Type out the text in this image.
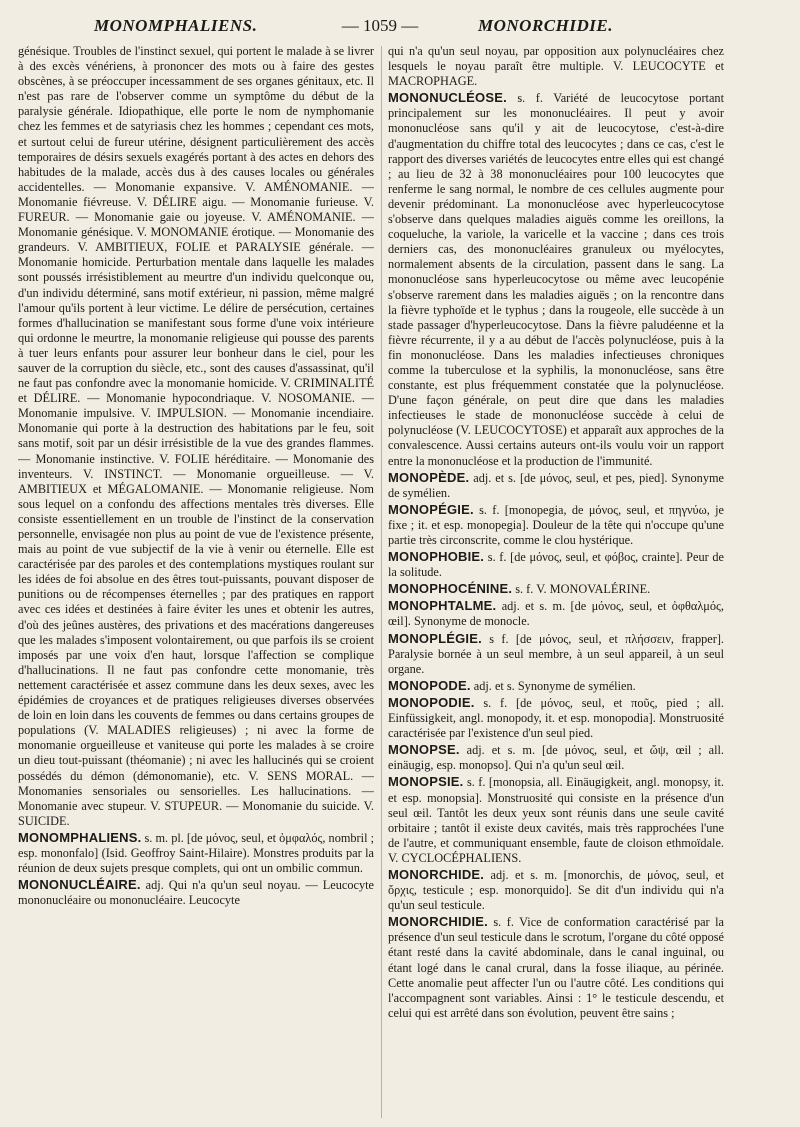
MONOMPHALIENS.	— 1059 —	MONORCHIDIE.

génésique. Troubles de l'instinct sexuel, qui portent le malade à se livrer à des excès vénériens, à prononcer des mots ou à faire des gestes obscènes, à se préoccuper incessamment de ses organes génitaux, etc. Il n'est pas rare de l'observer comme un symptôme du début de la paralysie générale. Idiopathique, elle porte le nom de nymphomanie chez les femmes et de satyriasis chez les hommes ; cependant ces mots, et surtout celui de fureur utérine, désignent particulièrement des accès temporaires de désirs sexuels exagérés portant à des actes en dehors des habitudes de la malade, accès dus à des causes locales ou générales accidentelles. — Monomanie expansive. V. AMÉNOMANIE. — Monomanie fiévreuse. V. DÉLIRE aigu. — Monomanie furieuse. V. FUREUR. — Monomanie gaie ou joyeuse. V. AMÉNOMANIE. — Monomanie génésique. V. MONOMANIE érotique. — Monomanie des grandeurs. V. AMBITIEUX, FOLIE et PARALYSIE générale. — Monomanie homicide. Perturbation mentale dans laquelle les malades sont poussés irrésistiblement au meurtre d'un individu quelconque ou, d'un individu déterminé, sans motif extérieur, ni passion, même malgré l'amour qu'ils portent à leur victime. Le délire de persécution, certaines formes d'hallucination se manifestant sous forme d'une voix intérieure qui ordonne le meurtre, la monomanie religieuse qui pousse des parents à tuer leurs enfants pour assurer leur bonheur dans le ciel, pour les sauver de la corruption du siècle, etc., sont des causes d'assassinat, qu'il ne faut pas confondre avec la monomanie homicide. V. CRIMINALITÉ et DÉLIRE. — Monomanie hypocondriaque. V. NOSOMANIE. — Monomanie impulsive. V. IMPULSION. — Monomanie incendiaire. Monomanie qui porte à la destruction des habitations par le feu, soit sans motif, soit par un désir irrésistible de la vue des grandes flammes. — Monomanie instinctive. V. FOLIE héréditaire. — Monomanie des inventeurs. V. INSTINCT. — Monomanie orgueilleuse. — V. AMBITIEUX et MÉGALOMANIE. — Monomanie religieuse. Nom sous lequel on a confondu des affections mentales très diverses. Elle consiste essentiellement en un trouble de l'instinct de la conservation personnelle, envisagée non plus au point de vue de l'existence présente, mais au point de vue subjectif de la vie à venir ou éternelle. Elle est caractérisée par des paroles et des contemplations mystiques roulant sur les idées de foi absolue en des êtres tout-puissants, pouvant disposer de punitions ou de récompenses éternelles ; par des pratiques en rapport avec ces idées et destinées à faire éviter les unes et obtenir les autres, d'où des jeûnes austères, des privations et des macérations dangereuses que les malades s'imposent volontairement, ou que parfois ils se croient imposés par une voix d'en haut, lorsque l'affection se complique d'hallucinations. Il ne faut pas confondre cette monomanie, très nettement caractérisée et assez commune dans les deux sexes, avec les épidémies de croyances et de pratiques religieuses diverses observées de loin en loin dans les couvents de femmes ou dans certains groupes de populations (V. MALADIES religieuses) ; ni avec la forme de monomanie orgueilleuse et vaniteuse qui porte les malades à se croire un dieu tout-puissant (théomanie) ; ni avec les hallucinés qui se croient possédés du démon (démonomanie), etc. V. SENS MORAL. — Monomanies sensoriales ou sensorielles. Les hallucinations. — Monomanie avec stupeur. V. STUPEUR. — Monomanie du suicide. V. SUICIDE.

MONOMPHALIENS. s. m. pl. [de μόνος, seul, et ὀμφαλός, nombril ; esp. mononfalo] (Isid. Geoffroy Saint-Hilaire). Monstres produits par la réunion de deux sujets presque complets, qui ont un ombilic commun.

MONONUCLÉAIRE. adj. Qui n'a qu'un seul noyau. — Leucocyte mononucléaire ou mononucléaire. Leucocyte

qui n'a qu'un seul noyau, par opposition aux polynucléaires chez lesquels le noyau paraît être multiple. V. LEUCOCYTE et MACROPHAGE.

MONONUCLÉOSE. s. f. Variété de leucocytose portant principalement sur les mononucléaires. Il peut y avoir mononucléose sans qu'il y ait de leucocytose, c'est-à-dire d'augmentation du chiffre total des leucocytes ; dans ce cas, c'est le rapport des diverses variétés de leucocytes entre elles qui est changé ; au lieu de 32 à 38 mononucléaires pour 100 leucocytes que renferme le sang normal, le nombre de ces cellules augmente pour devenir prédominant. La mononucléose avec hyperleucocytose s'observe dans quelques maladies aiguës comme les oreillons, la coqueluche, la variole, la varicelle et la vaccine ; dans ces trois derniers cas, des mononucléaires granuleux ou myélocytes, normalement absents de la circulation, passent dans le sang. La mononucléose sans hyperleucocytose ou même avec leucopénie s'observe rarement dans les maladies aiguës ; on la rencontre dans la fièvre typhoïde et le typhus ; dans la rougeole, elle succède à un stade passager d'hyperleucocytose. Dans la fièvre paludéenne et la fièvre récurrente, il y a au début de l'accès polynucléose, puis à la fin mononucléose. Dans les maladies infectieuses chroniques comme la tuberculose et la syphilis, la mononucléose, sans être constante, est plus fréquemment constatée que la polynucléose. D'une façon générale, on peut dire que dans les maladies infectieuses le stade de mononucléose succède à celui de polynucléose (V. LEUCOCYTOSE) et apparaît aux approches de la convalescence. Aussi certains auteurs ont-ils voulu voir un rapport entre la mononucléose et la production de l'immunité.

MONOPÈDE. adj. et s. [de μόνος, seul, et pes, pied]. Synonyme de symélien.

MONOPÉGIE. s. f. [monopegia, de μόνος, seul, et πηγνύω, je fixe ; it. et esp. monopegia]. Douleur de la tête qui n'occupe qu'une partie très circonscrite, comme le clou hystérique.

MONOPHOBIE. s. f. [de μόνος, seul, et φόβος, crainte]. Peur de la solitude.

MONOPHOCÉNINE. s. f. V. MONOVALÉRINE.

MONOPHTALME. adj. et s. m. [de μόνος, seul, et ὀφθαλμός, œil]. Synonyme de monocle.

MONOPLÉGIE. s f. [de μόνος, seul, et πλήσσειν, frapper]. Paralysie bornée à un seul membre, à un seul appareil, à un seul organe.

MONOPODE. adj. et s. Synonyme de symélien.

MONOPODIE. s. f. [de μόνος, seul, et ποῦς, pied ; all. Einfüssigkeit, angl. monopody, it. et esp. monopodia]. Monstruosité caractérisée par l'existence d'un seul pied.

MONOPSE. adj. et s. m. [de μόνος, seul, et ὤψ, œil ; all. einäugig, esp. monopso]. Qui n'a qu'un seul œil.

MONOPSIE. s. f. [monopsia, all. Einäugigkeit, angl. monopsy, it. et esp. monopsia]. Monstruosité qui consiste en la présence d'un seul œil. Tantôt les deux yeux sont réunis dans une seule cavité orbitaire ; tantôt il existe deux cavités, mais très rapprochées l'une de l'autre, et communiquant ensemble, faute de cloison ethmoïdale. V. CYCLOCÉPHALIENS.

MONORCHIDE. adj. et s. m. [monorchis, de μόνος, seul, et ὄρχις, testicule ; esp. monorquido]. Se dit d'un individu qui n'a qu'un seul testicule.

MONORCHIDIE. s. f. Vice de conformation caractérisé par la présence d'un seul testicule dans le scrotum, l'organe du côté opposé étant resté dans la cavité abdominale, dans le canal inguinal, ou étant logé dans le canal crural, dans la fosse iliaque, au périnée. Cette anomalie peut affecter l'un ou l'autre côté. Les conditions qui l'accompagnent sont variables. Ainsi : 1° le testicule descendu, et celui qui est arrêté dans son évolution, peuvent être sains ;
